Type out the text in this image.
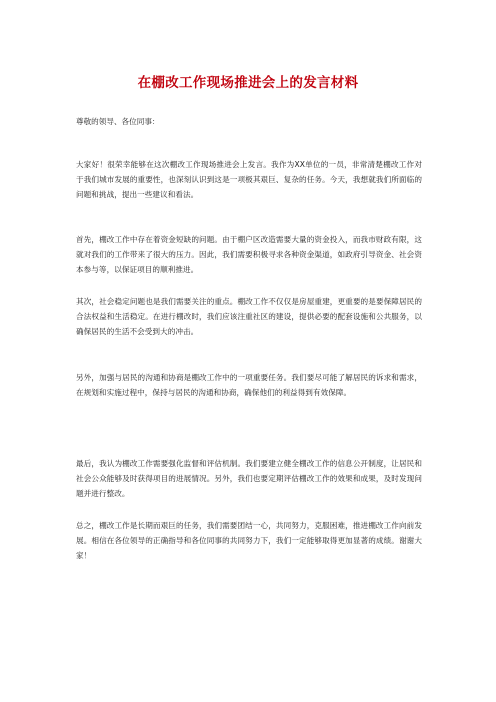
在棚改工作现场推进会上的发言材料
尊敬的领导、各位同事：
大家好！很荣幸能够在这次棚改工作现场推进会上发言。我作为XX单位的一员，非常清楚棚改工作对于我们城市发展的重要性，也深刻认识到这是一项极其艰巨、复杂的任务。今天，我想就我们所面临的问题和挑战，提出一些建议和看法。
首先，棚改工作中存在着资金短缺的问题。由于棚户区改造需要大量的资金投入，而我市财政有限，这就对我们的工作带来了很大的压力。因此，我们需要积极寻求各种资金渠道，如政府引导资金、社会资本参与等，以保证项目的顺利推进。
其次，社会稳定问题也是我们需要关注的重点。棚改工作不仅仅是房屋重建，更重要的是要保障居民的合法权益和生活稳定。在进行棚改时，我们应该注重社区的建设，提供必要的配套设施和公共服务，以确保居民的生活不会受到大的冲击。
另外，加强与居民的沟通和协商是棚改工作中的一项重要任务。我们要尽可能了解居民的诉求和需求，在规划和实施过程中，保持与居民的沟通和协商，确保他们的利益得到有效保障。
最后，我认为棚改工作需要强化监督和评估机制。我们要建立健全棚改工作的信息公开制度，让居民和社会公众能够及时获得项目的进展情况。另外，我们也要定期评估棚改工作的效果和成果，及时发现问题并进行整改。
总之，棚改工作是长期而艰巨的任务，我们需要团结一心，共同努力，克服困难，推进棚改工作向前发展。相信在各位领导的正确指导和各位同事的共同努力下，我们一定能够取得更加显著的成绩。谢谢大家！
